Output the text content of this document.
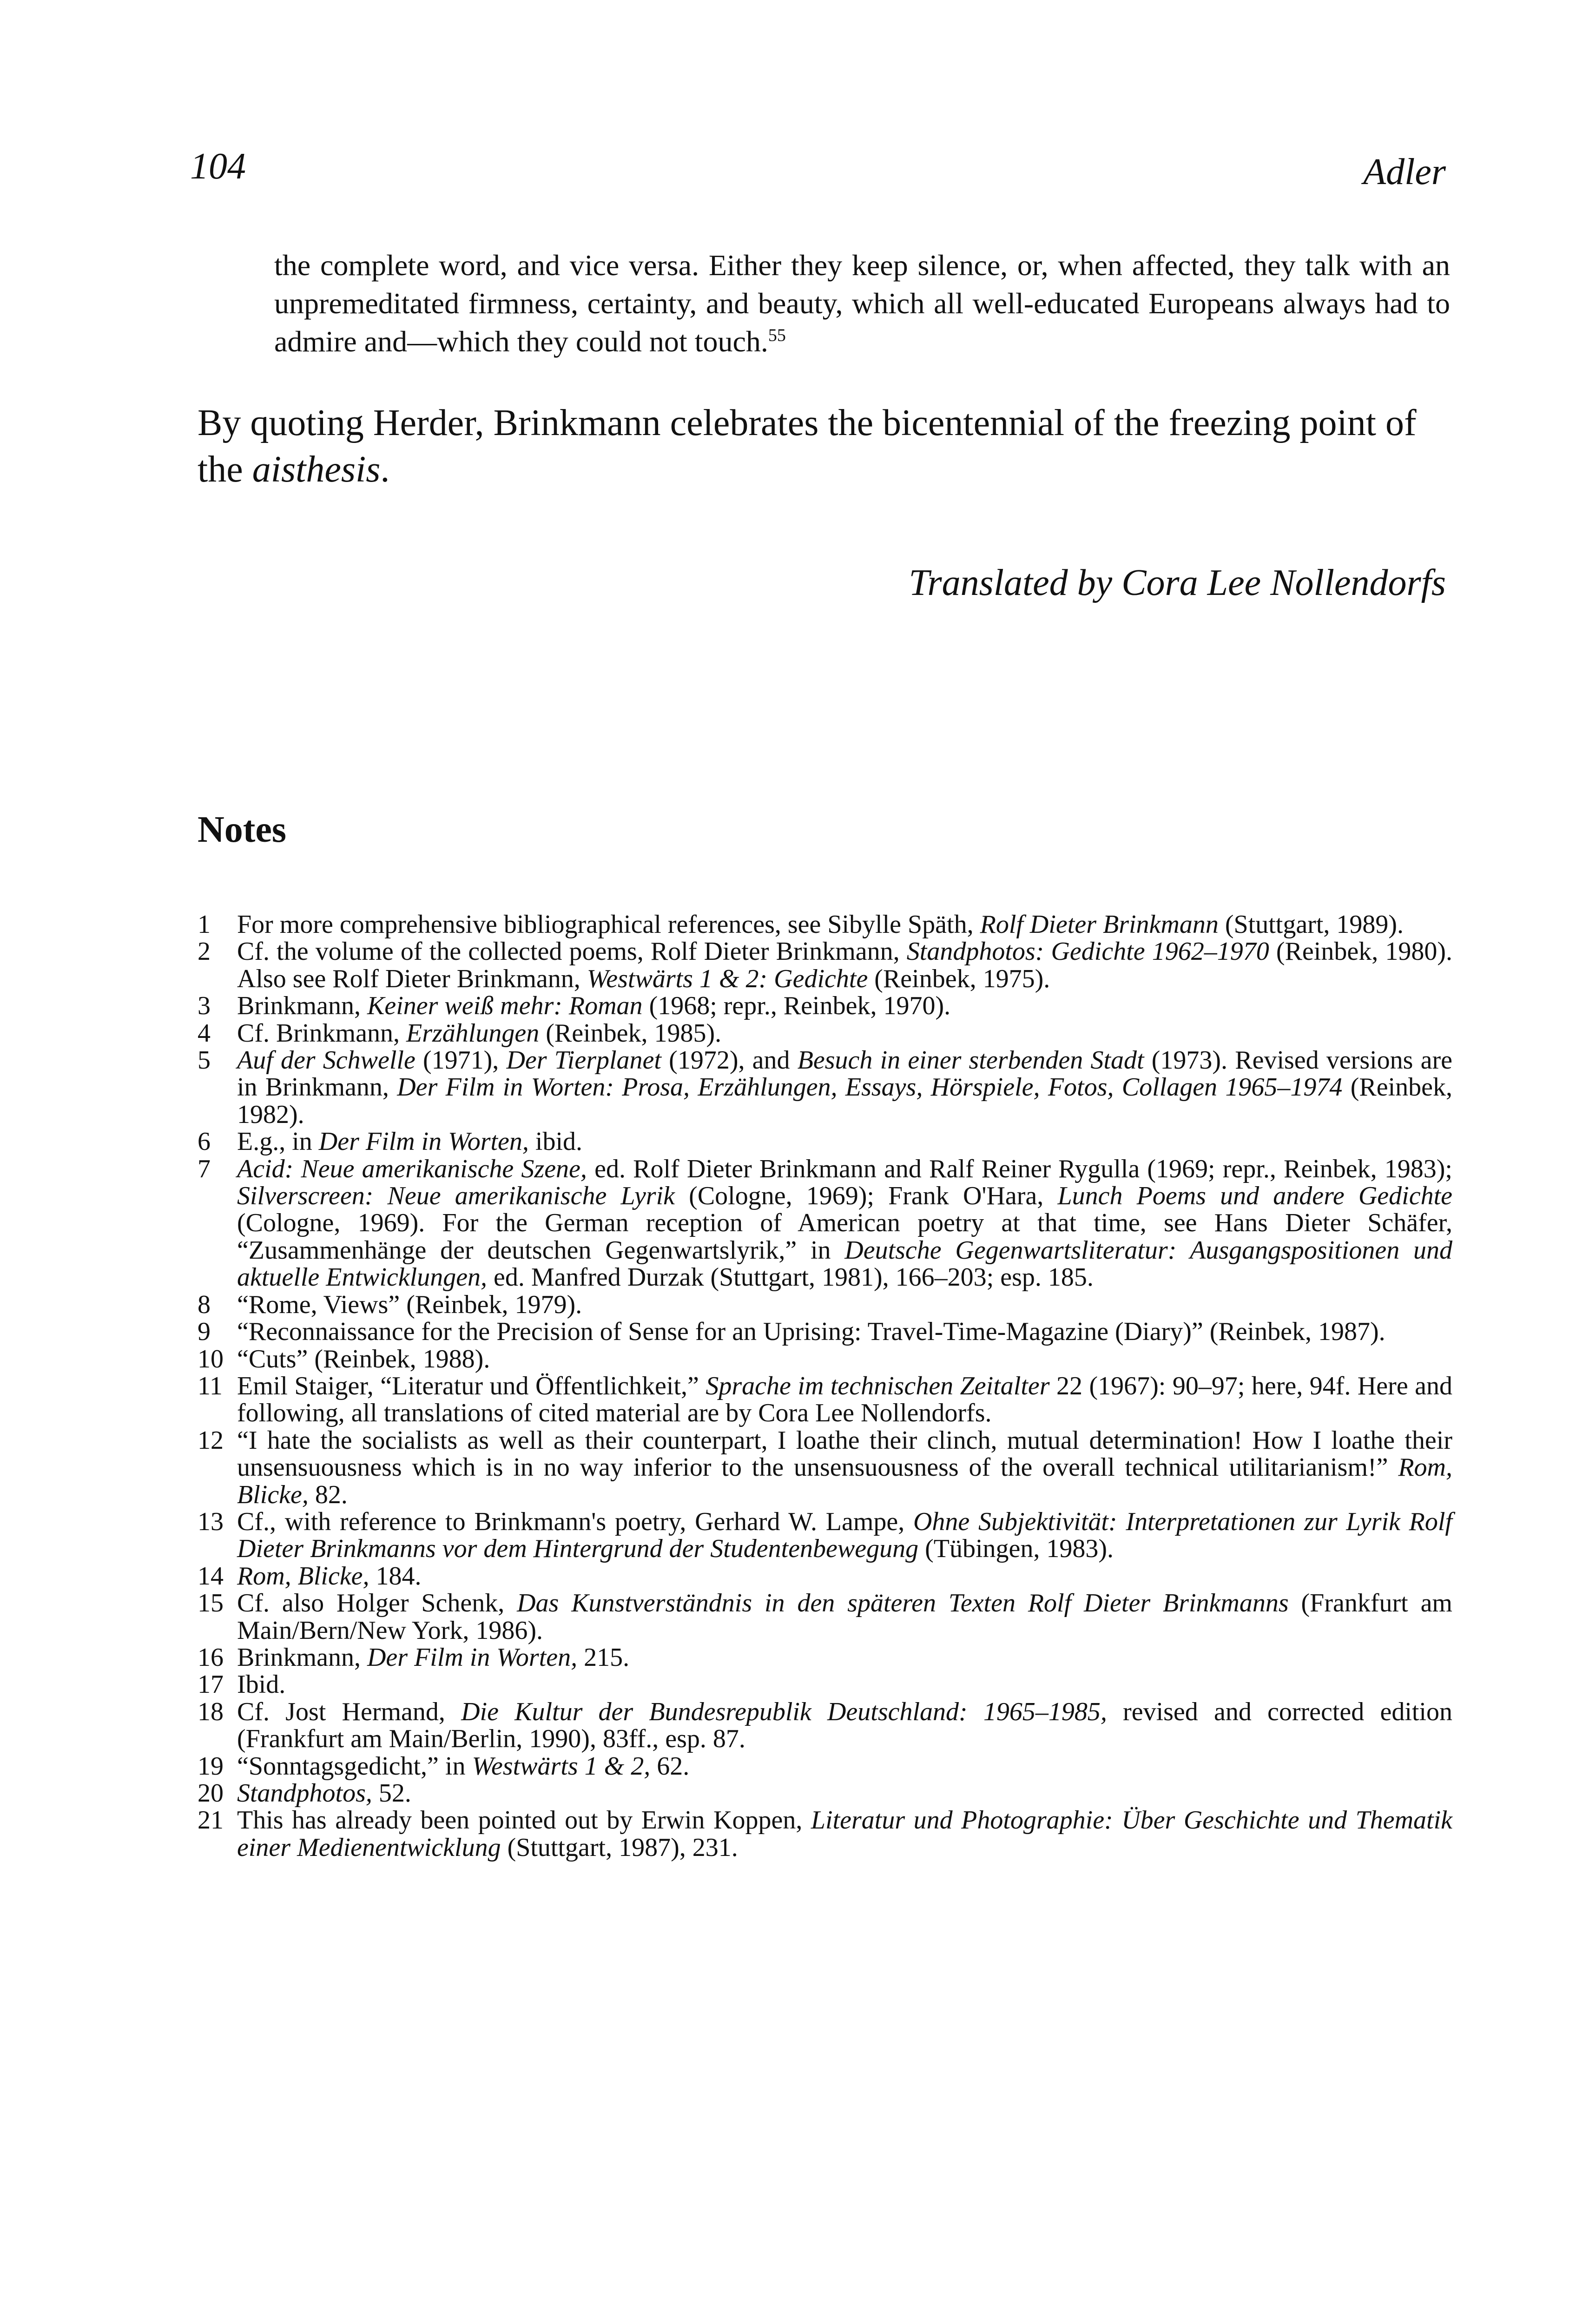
104	Adler

the complete word, and vice versa. Either they keep silence, or, when affected, they talk with an unpremeditated firmness, certainty, and beauty, which all well-educated Europeans always had to admire and—which they could not touch.$^{55}$

By quoting Herder, Brinkmann celebrates the bicentennial of the freezing point of the aisthesis.

Translated by Cora Lee Nollendorfs
Notes
1	For more comprehensive bibliographical references, see Sibylle Späth, Rolf Dieter Brinkmann (Stuttgart, 1989).
2	Cf. the volume of the collected poems, Rolf Dieter Brinkmann, Standphotos: Gedichte 1962–1970 (Reinbek, 1980). Also see Rolf Dieter Brinkmann, Westwärts 1 & 2: Gedichte (Reinbek, 1975).
3	Brinkmann, Keiner weiß mehr: Roman (1968; repr., Reinbek, 1970).
4	Cf. Brinkmann, Erzählungen (Reinbek, 1985).
5	Auf der Schwelle (1971), Der Tierplanet (1972), and Besuch in einer sterbenden Stadt (1973). Revised versions are in Brinkmann, Der Film in Worten: Prosa, Erzählungen, Essays, Hörspiele, Fotos, Collagen 1965–1974 (Reinbek, 1982).
6	E.g., in Der Film in Worten, ibid.
7	Acid: Neue amerikanische Szene, ed. Rolf Dieter Brinkmann and Ralf Reiner Rygulla (1969; repr., Reinbek, 1983); Silverscreen: Neue amerikanische Lyrik (Cologne, 1969); Frank O'Hara, Lunch Poems und andere Gedichte (Cologne, 1969). For the German reception of American poetry at that time, see Hans Dieter Schäfer, “Zusammenhänge der deutschen Gegenwartslyrik,” in Deutsche Gegenwartsliteratur: Ausgangspositionen und aktuelle Entwicklungen, ed. Manfred Durzak (Stuttgart, 1981), 166–203; esp. 185.
8	“Rome, Views” (Reinbek, 1979).
9	“Reconnaissance for the Precision of Sense for an Uprising: Travel-Time-Magazine (Diary)” (Reinbek, 1987).
10 “Cuts” (Reinbek, 1988).
11 Emil Staiger, “Literatur und Öffentlichkeit,” Sprache im technischen Zeitalter 22 (1967): 90–97; here, 94f. Here and following, all translations of cited material are by Cora Lee Nollendorfs.
12 “I hate the socialists as well as their counterpart, I loathe their clinch, mutual determination! How I loathe their unsensuousness which is in no way inferior to the unsensuousness of the overall technical utilitarianism!” Rom, Blicke, 82.
13 Cf., with reference to Brinkmann's poetry, Gerhard W. Lampe, Ohne Subjektivität: Interpretationen zur Lyrik Rolf Dieter Brinkmanns vor dem Hintergrund der Studentenbewegung (Tübingen, 1983).
14 Rom, Blicke, 184.
15 Cf. also Holger Schenk, Das Kunstverständnis in den späteren Texten Rolf Dieter Brinkmanns (Frankfurt am Main/Bern/New York, 1986).
16 Brinkmann, Der Film in Worten, 215.
17 Ibid.
18 Cf. Jost Hermand, Die Kultur der Bundesrepublik Deutschland: 1965–1985, revised and corrected edition (Frankfurt am Main/Berlin, 1990), 83ff., esp. 87.
19 “Sonntagsgedicht,” in Westwärts 1 & 2, 62.
20 Standphotos, 52.
21 This has already been pointed out by Erwin Koppen, Literatur und Photographie: Über Geschichte und Thematik einer Medienentwicklung (Stuttgart, 1987), 231.
